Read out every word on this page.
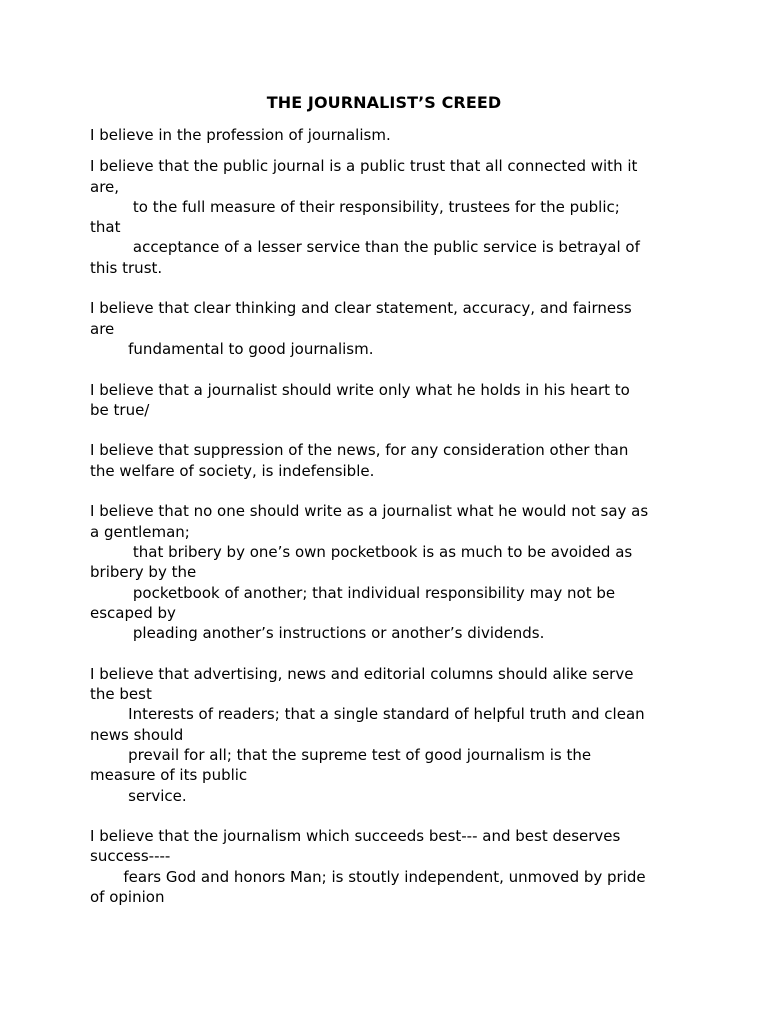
THE JOURNALIST’S CREED
I believe in the profession of journalism.
I believe that the public journal is a public trust that all connected with it
are,
to the full measure of their responsibility, trustees for the public;
that
acceptance of a lesser service than the public service is betrayal of
this trust.
I believe that clear thinking and clear statement, accuracy, and fairness
are
fundamental to good journalism.
I believe that a journalist should write only what he holds in his heart to
be true/
I believe that suppression of the news, for any consideration other than
the welfare of society, is indefensible.
I believe that no one should write as a journalist what he would not say as
a gentleman;
that bribery by one’s own pocketbook is as much to be avoided as
bribery by the
pocketbook of another; that individual responsibility may not be
escaped by
pleading another’s instructions or another’s dividends.
I believe that advertising, news and editorial columns should alike serve
the best
Interests of readers; that a single standard of helpful truth and clean
news should
prevail for all; that the supreme test of good journalism is the
measure of its public
service.
I believe that the journalism which succeeds best--- and best deserves
success----
fears God and honors Man; is stoutly independent, unmoved by pride
of opinion
